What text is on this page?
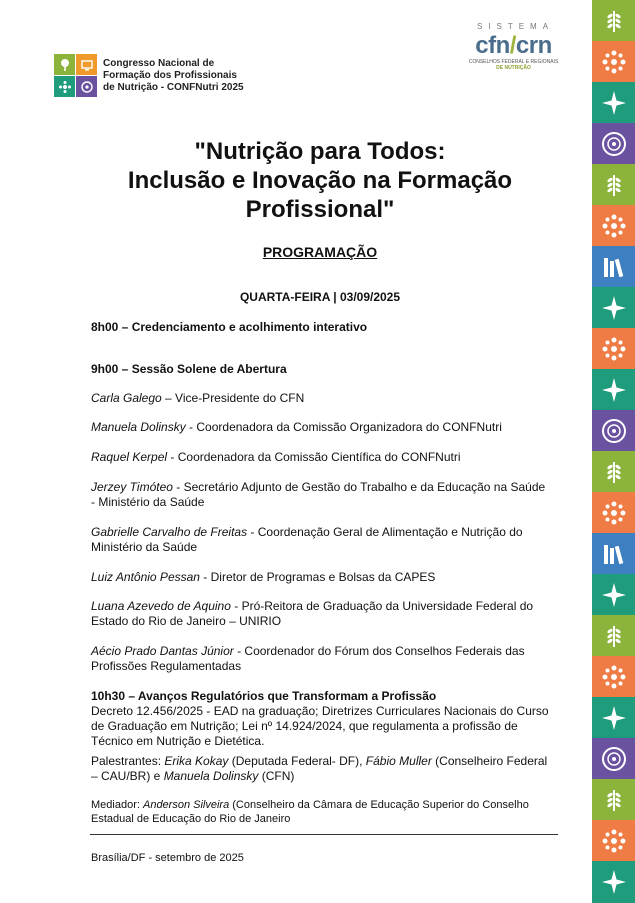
Congresso Nacional de
Formação dos Profissionais
de Nutrição - CONFNutri 2025
SISTEMA
cfn/crn
CONSELHOS FEDERAL E REGIONAIS
DE NUTRIÇÃO
"Nutrição para Todos:
Inclusão e Inovação na Formação
Profissional"
PROGRAMAÇÃO
QUARTA-FEIRA | 03/09/2025
8h00 – Credenciamento e acolhimento interativo
9h00 – Sessão Solene de Abertura
Carla Galego – Vice-Presidente do CFN
Manuela Dolinsky - Coordenadora da Comissão Organizadora do CONFNutri
Raquel Kerpel - Coordenadora da Comissão Científica do CONFNutri
Jerzey Timóteo - Secretário Adjunto de Gestão do Trabalho e da Educação na Saúde - Ministério da Saúde
Gabrielle Carvalho de Freitas - Coordenação Geral de Alimentação e Nutrição do Ministério da Saúde
Luiz Antônio Pessan - Diretor de Programas e Bolsas da CAPES
Luana Azevedo de Aquino - Pró-Reitora de Graduação da Universidade Federal do Estado do Rio de Janeiro – UNIRIO
Aécio Prado Dantas Júnior - Coordenador do Fórum dos Conselhos Federais das Profissões Regulamentadas
10h30 – Avanços Regulatórios que Transformam a Profissão
Decreto 12.456/2025 - EAD na graduação; Diretrizes Curriculares Nacionais do Curso de Graduação em Nutrição; Lei nº 14.924/2024, que regulamenta a profissão de Técnico em Nutrição e Dietética.
Palestrantes: Erika Kokay (Deputada Federal- DF), Fábio Muller (Conselheiro Federal – CAU/BR) e Manuela Dolinsky (CFN)
Mediador: Anderson Silveira (Conselheiro da Câmara de Educação Superior do Conselho Estadual de Educação do Rio de Janeiro
Brasília/DF - setembro de 2025
